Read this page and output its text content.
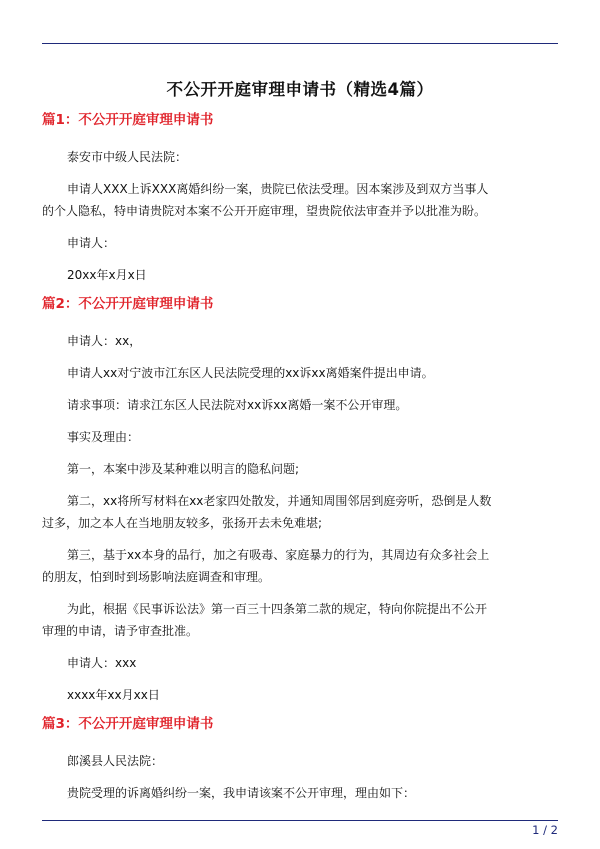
不公开开庭审理申请书（精选4篇）
篇1：不公开开庭审理申请书

泰安市中级人民法院：

申请人XXX上诉XXX离婚纠纷一案，贵院已依法受理。因本案涉及到双方当事人的个人隐私，特申请贵院对本案不公开开庭审理，望贵院依法审查并予以批准为盼。

申请人：

20xx年x月x日

篇2：不公开开庭审理申请书

申请人：xx，

申请人xx对宁波市江东区人民法院受理的xx诉xx离婚案件提出申请。

请求事项：请求江东区人民法院对xx诉xx离婚一案不公开审理。

事实及理由：

第一，本案中涉及某种难以明言的隐私问题;

第二，xx将所写材料在xx老家四处散发，并通知周围邻居到庭旁听，恐倒是人数过多，加之本人在当地朋友较多，张扬开去未免难堪;

第三，基于xx本身的品行，加之有吸毒、家庭暴力的行为，其周边有众多社会上的朋友，怕到时到场影响法庭调查和审理。

为此，根据《民事诉讼法》第一百三十四条第二款的规定，特向你院提出不公开审理的申请，请予审查批准。

申请人：xxx

xxxx年xx月xx日

篇3：不公开开庭审理申请书

郎溪县人民法院：

贵院受理的诉离婚纠纷一案，我申请该案不公开审理，理由如下：

1 / 2
